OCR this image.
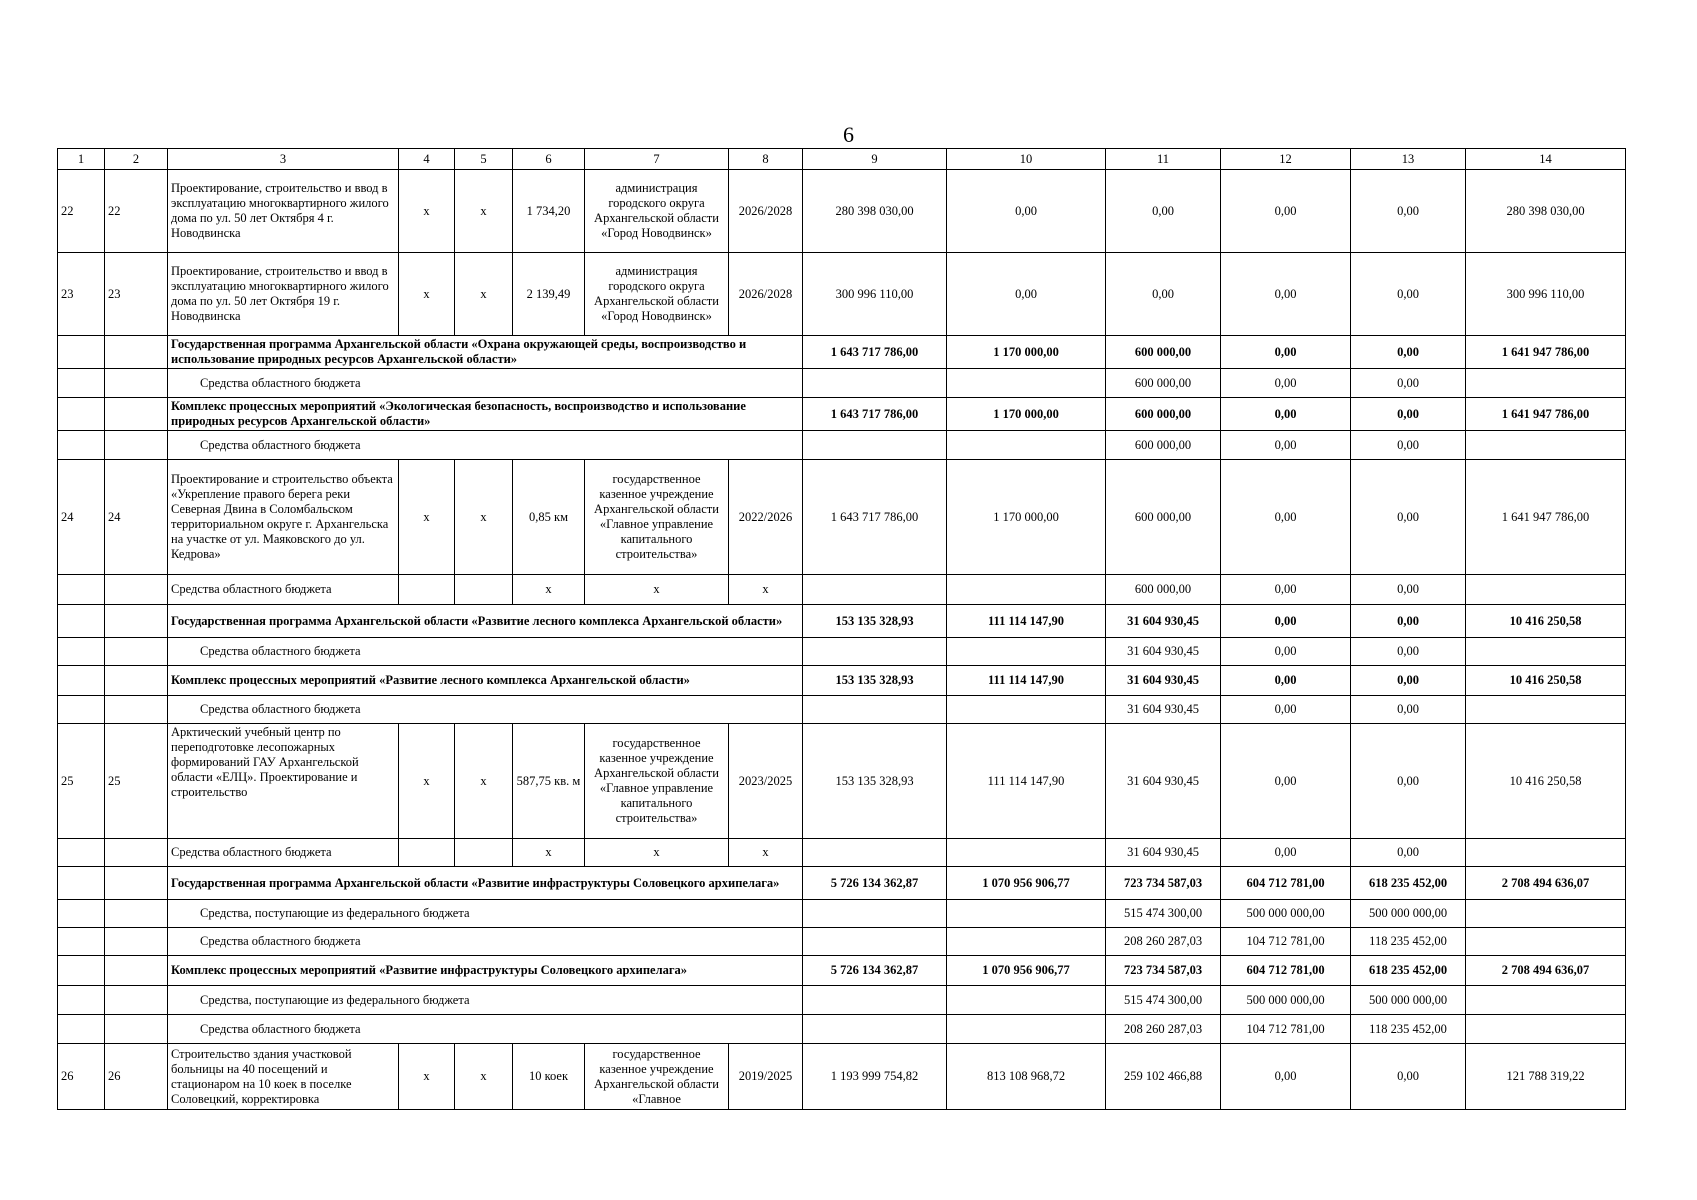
6
1	2	3	4	5	6	7	8	9	10	11	12	13	14
22	22	Проектирование, строительство и ввод в эксплуатацию многоквартирного жилого дома по ул. 50 лет Октября 4 г. Новодвинска	х	х	1 734,20	администрация городского округа Архангельской области «Город Новодвинск»	2026/2028	280 398 030,00	0,00	0,00	0,00	0,00	280 398 030,00
23	23	Проектирование, строительство и ввод в эксплуатацию многоквартирного жилого дома по ул. 50 лет Октября 19 г. Новодвинска	х	х	2 139,49	администрация городского округа Архангельской области «Город Новодвинск»	2026/2028	300 996 110,00	0,00	0,00	0,00	0,00	300 996 110,00
		Государственная программа Архангельской области «Охрана окружающей среды, воспроизводство и использование природных ресурсов Архангельской области»						1 643 717 786,00	1 170 000,00	600 000,00	0,00	0,00	1 641 947 786,00
		Средства областного бюджета								600 000,00	0,00	0,00	
		Комплекс процессных мероприятий «Экологическая безопасность, воспроизводство и использование природных ресурсов Архангельской области»						1 643 717 786,00	1 170 000,00	600 000,00	0,00	0,00	1 641 947 786,00
		Средства областного бюджета								600 000,00	0,00	0,00	
24	24	Проектирование и строительство объекта «Укрепление правого берега реки Северная Двина в Соломбальском территориальном округе г. Архангельска на участке от ул. Маяковского до ул. Кедрова»	х	х	0,85 км	государственное казенное учреждение Архангельской области «Главное управление капитального строительства»	2022/2026	1 643 717 786,00	1 170 000,00	600 000,00	0,00	0,00	1 641 947 786,00
		Средства областного бюджета			х	х	х			600 000,00	0,00	0,00	
		Государственная программа Архангельской области «Развитие лесного комплекса Архангельской области»						153 135 328,93	111 114 147,90	31 604 930,45	0,00	0,00	10 416 250,58
		Средства областного бюджета								31 604 930,45	0,00	0,00	
		Комплекс процессных мероприятий «Развитие лесного комплекса Архангельской области»						153 135 328,93	111 114 147,90	31 604 930,45	0,00	0,00	10 416 250,58
		Средства областного бюджета								31 604 930,45	0,00	0,00	
25	25	Арктический учебный центр по переподготовке лесопожарных формирований ГАУ Архангельской области «ЕЛЦ». Проектирование и строительство	х	х	587,75 кв. м	государственное казенное учреждение Архангельской области «Главное управление капитального строительства»	2023/2025	153 135 328,93	111 114 147,90	31 604 930,45	0,00	0,00	10 416 250,58
		Средства областного бюджета			х	х	х			31 604 930,45	0,00	0,00	
		Государственная программа Архангельской области «Развитие инфраструктуры Соловецкого архипелага»						5 726 134 362,87	1 070 956 906,77	723 734 587,03	604 712 781,00	618 235 452,00	2 708 494 636,07
		Средства, поступающие из федерального бюджета								515 474 300,00	500 000 000,00	500 000 000,00	
		Средства областного бюджета								208 260 287,03	104 712 781,00	118 235 452,00	
		Комплекс процессных мероприятий «Развитие инфраструктуры Соловецкого архипелага»						5 726 134 362,87	1 070 956 906,77	723 734 587,03	604 712 781,00	618 235 452,00	2 708 494 636,07
		Средства, поступающие из федерального бюджета								515 474 300,00	500 000 000,00	500 000 000,00	
		Средства областного бюджета								208 260 287,03	104 712 781,00	118 235 452,00	
26	26	Строительство здания участковой больницы на 40 посещений и стационаром на 10 коек в поселке Соловецкий, корректировка	х	х	10 коек	государственное казенное учреждение Архангельской области «Главное	2019/2025	1 193 999 754,82	813 108 968,72	259 102 466,88	0,00	0,00	121 788 319,22
